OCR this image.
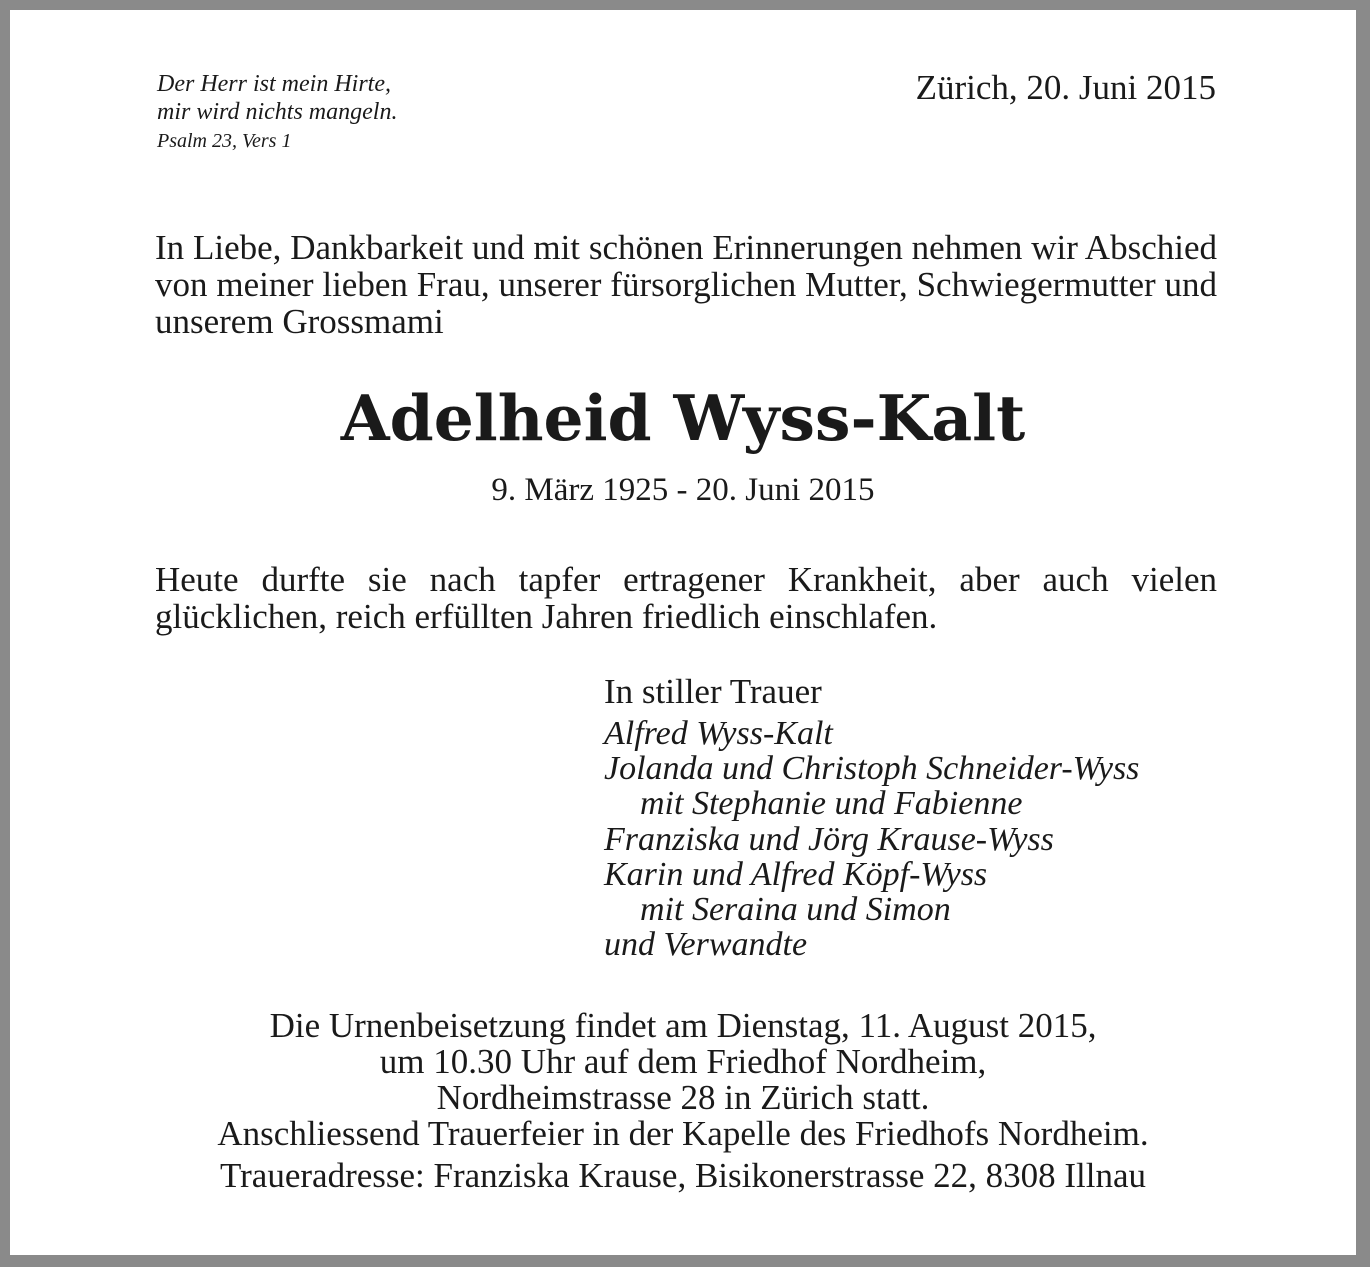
Der Herr ist mein Hirte,
mir wird nichts mangeln.
Psalm 23, Vers 1
Zürich, 20. Juni 2015
In Liebe, Dankbarkeit und mit schönen Erinnerungen nehmen wir Abschied von meiner lieben Frau, unserer fürsorglichen Mutter, Schwiegermutter und unserem Grossmami
Adelheid Wyss-Kalt
9. März 1925 - 20. Juni 2015
Heute durfte sie nach tapfer ertragener Krankheit, aber auch vielen glücklichen, reich erfüllten Jahren friedlich einschlafen.
In stiller Trauer
Alfred Wyss-Kalt
Jolanda und Christoph Schneider-Wyss
mit Stephanie und Fabienne
Franziska und Jörg Krause-Wyss
Karin und Alfred Köpf-Wyss
mit Seraina und Simon
und Verwandte
Die Urnenbeisetzung findet am Dienstag, 11. August 2015,
um 10.30 Uhr auf dem Friedhof Nordheim,
Nordheimstrasse 28 in Zürich statt.
Anschliessend Trauerfeier in der Kapelle des Friedhofs Nordheim.
Traueradresse: Franziska Krause, Bisikonerstrasse 22, 8308 Illnau
